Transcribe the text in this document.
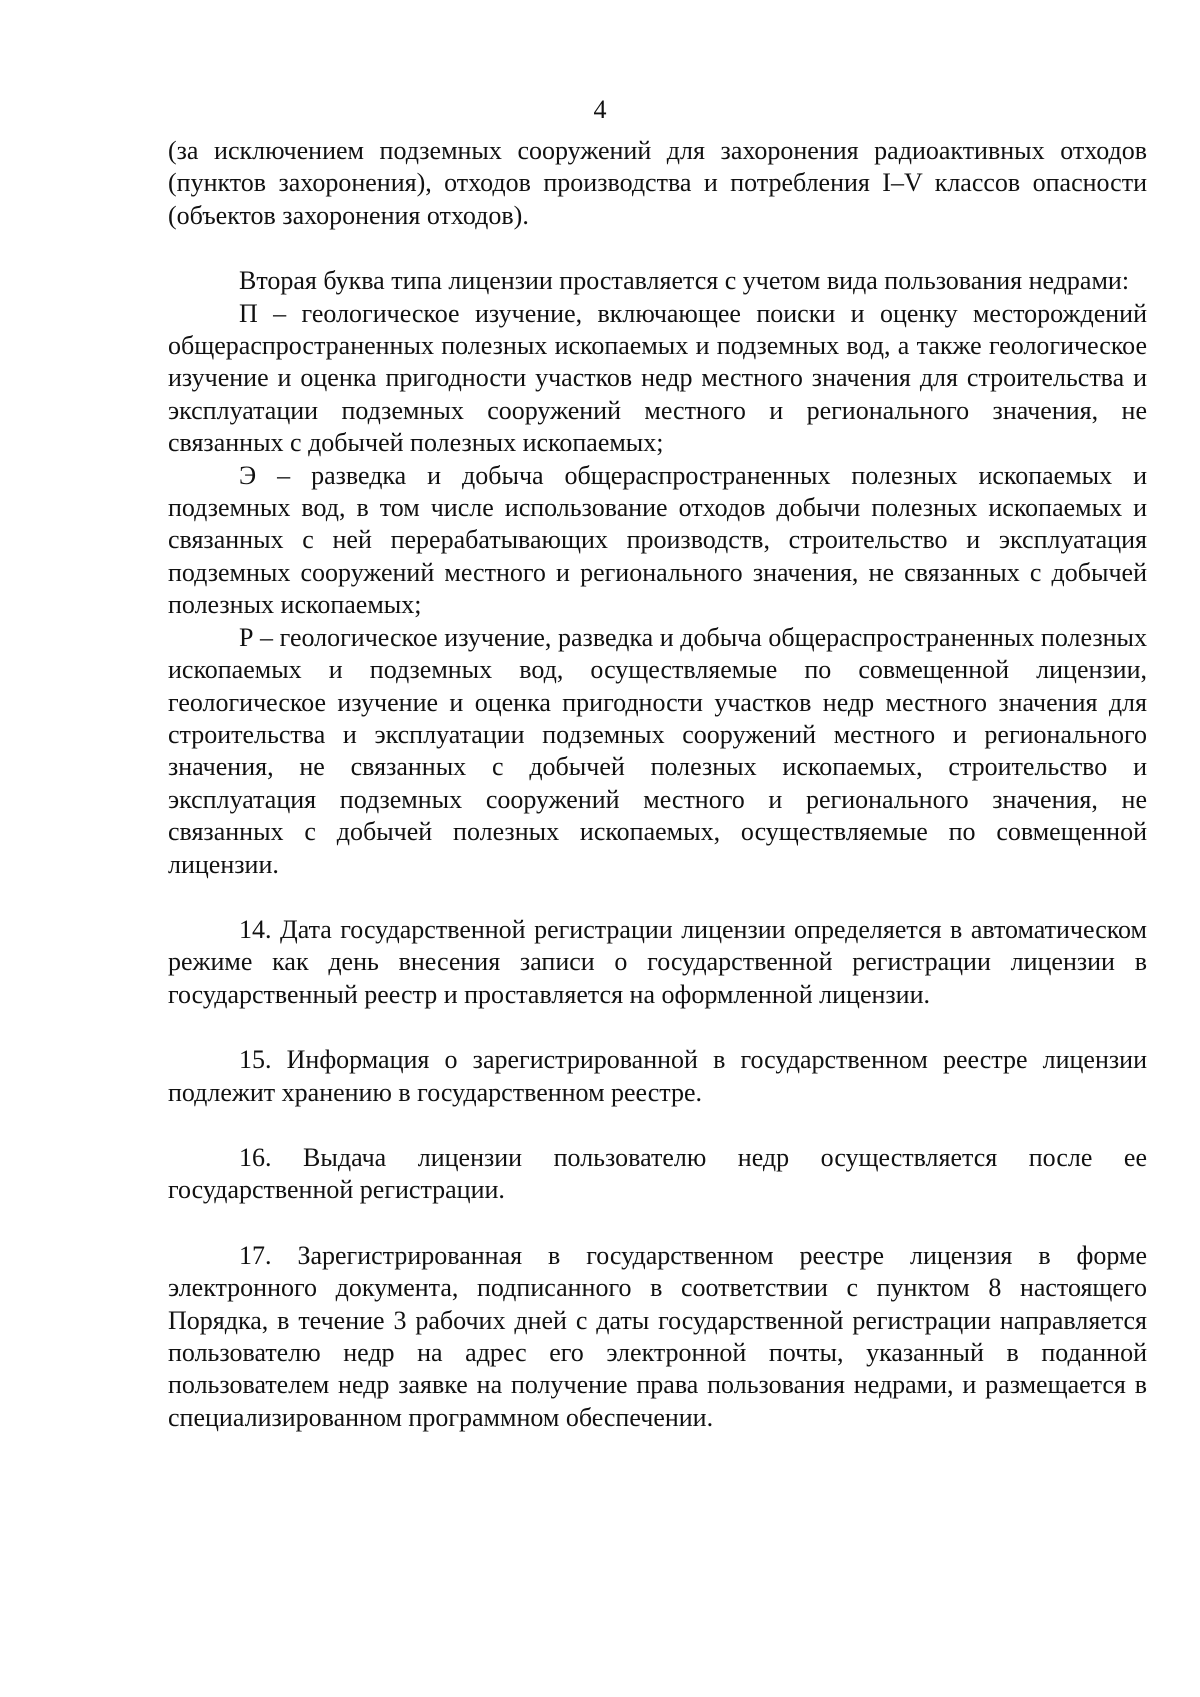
4

(за исключением подземных сооружений для захоронения радиоактивных отходов (пунктов захоронения), отходов производства и потребления I–V классов опасности (объектов захоронения отходов).

Вторая буква типа лицензии проставляется с учетом вида пользования недрами:

П – геологическое изучение, включающее поиски и оценку месторождений общераспространенных полезных ископаемых и подземных вод, а также геологическое изучение и оценка пригодности участков недр местного значения для строительства и эксплуатации подземных сооружений местного и регионального значения, не связанных с добычей полезных ископаемых;

Э – разведка и добыча общераспространенных полезных ископаемых и подземных вод, в том числе использование отходов добычи полезных ископаемых и связанных с ней перерабатывающих производств, строительство и эксплуатация подземных сооружений местного и регионального значения, не связанных с добычей полезных ископаемых;

Р – геологическое изучение, разведка и добыча общераспространенных полезных ископаемых и подземных вод, осуществляемые по совмещенной лицензии, геологическое изучение и оценка пригодности участков недр местного значения для строительства и эксплуатации подземных сооружений местного и регионального значения, не связанных с добычей полезных ископаемых, строительство и эксплуатация подземных сооружений местного и регионального значения, не связанных с добычей полезных ископаемых, осуществляемые по совмещенной лицензии.

14. Дата государственной регистрации лицензии определяется в автоматическом режиме как день внесения записи о государственной регистрации лицензии в государственный реестр и проставляется на оформленной лицензии.

15. Информация о зарегистрированной в государственном реестре лицензии подлежит хранению в государственном реестре.

16. Выдача лицензии пользователю недр осуществляется после ее государственной регистрации.

17. Зарегистрированная в государственном реестре лицензия в форме электронного документа, подписанного в соответствии с пунктом 8 настоящего Порядка, в течение 3 рабочих дней с даты государственной регистрации направляется пользователю недр на адрес его электронной почты, указанный в поданной пользователем недр заявке на получение права пользования недрами, и размещается в специализированном программном обеспечении.
